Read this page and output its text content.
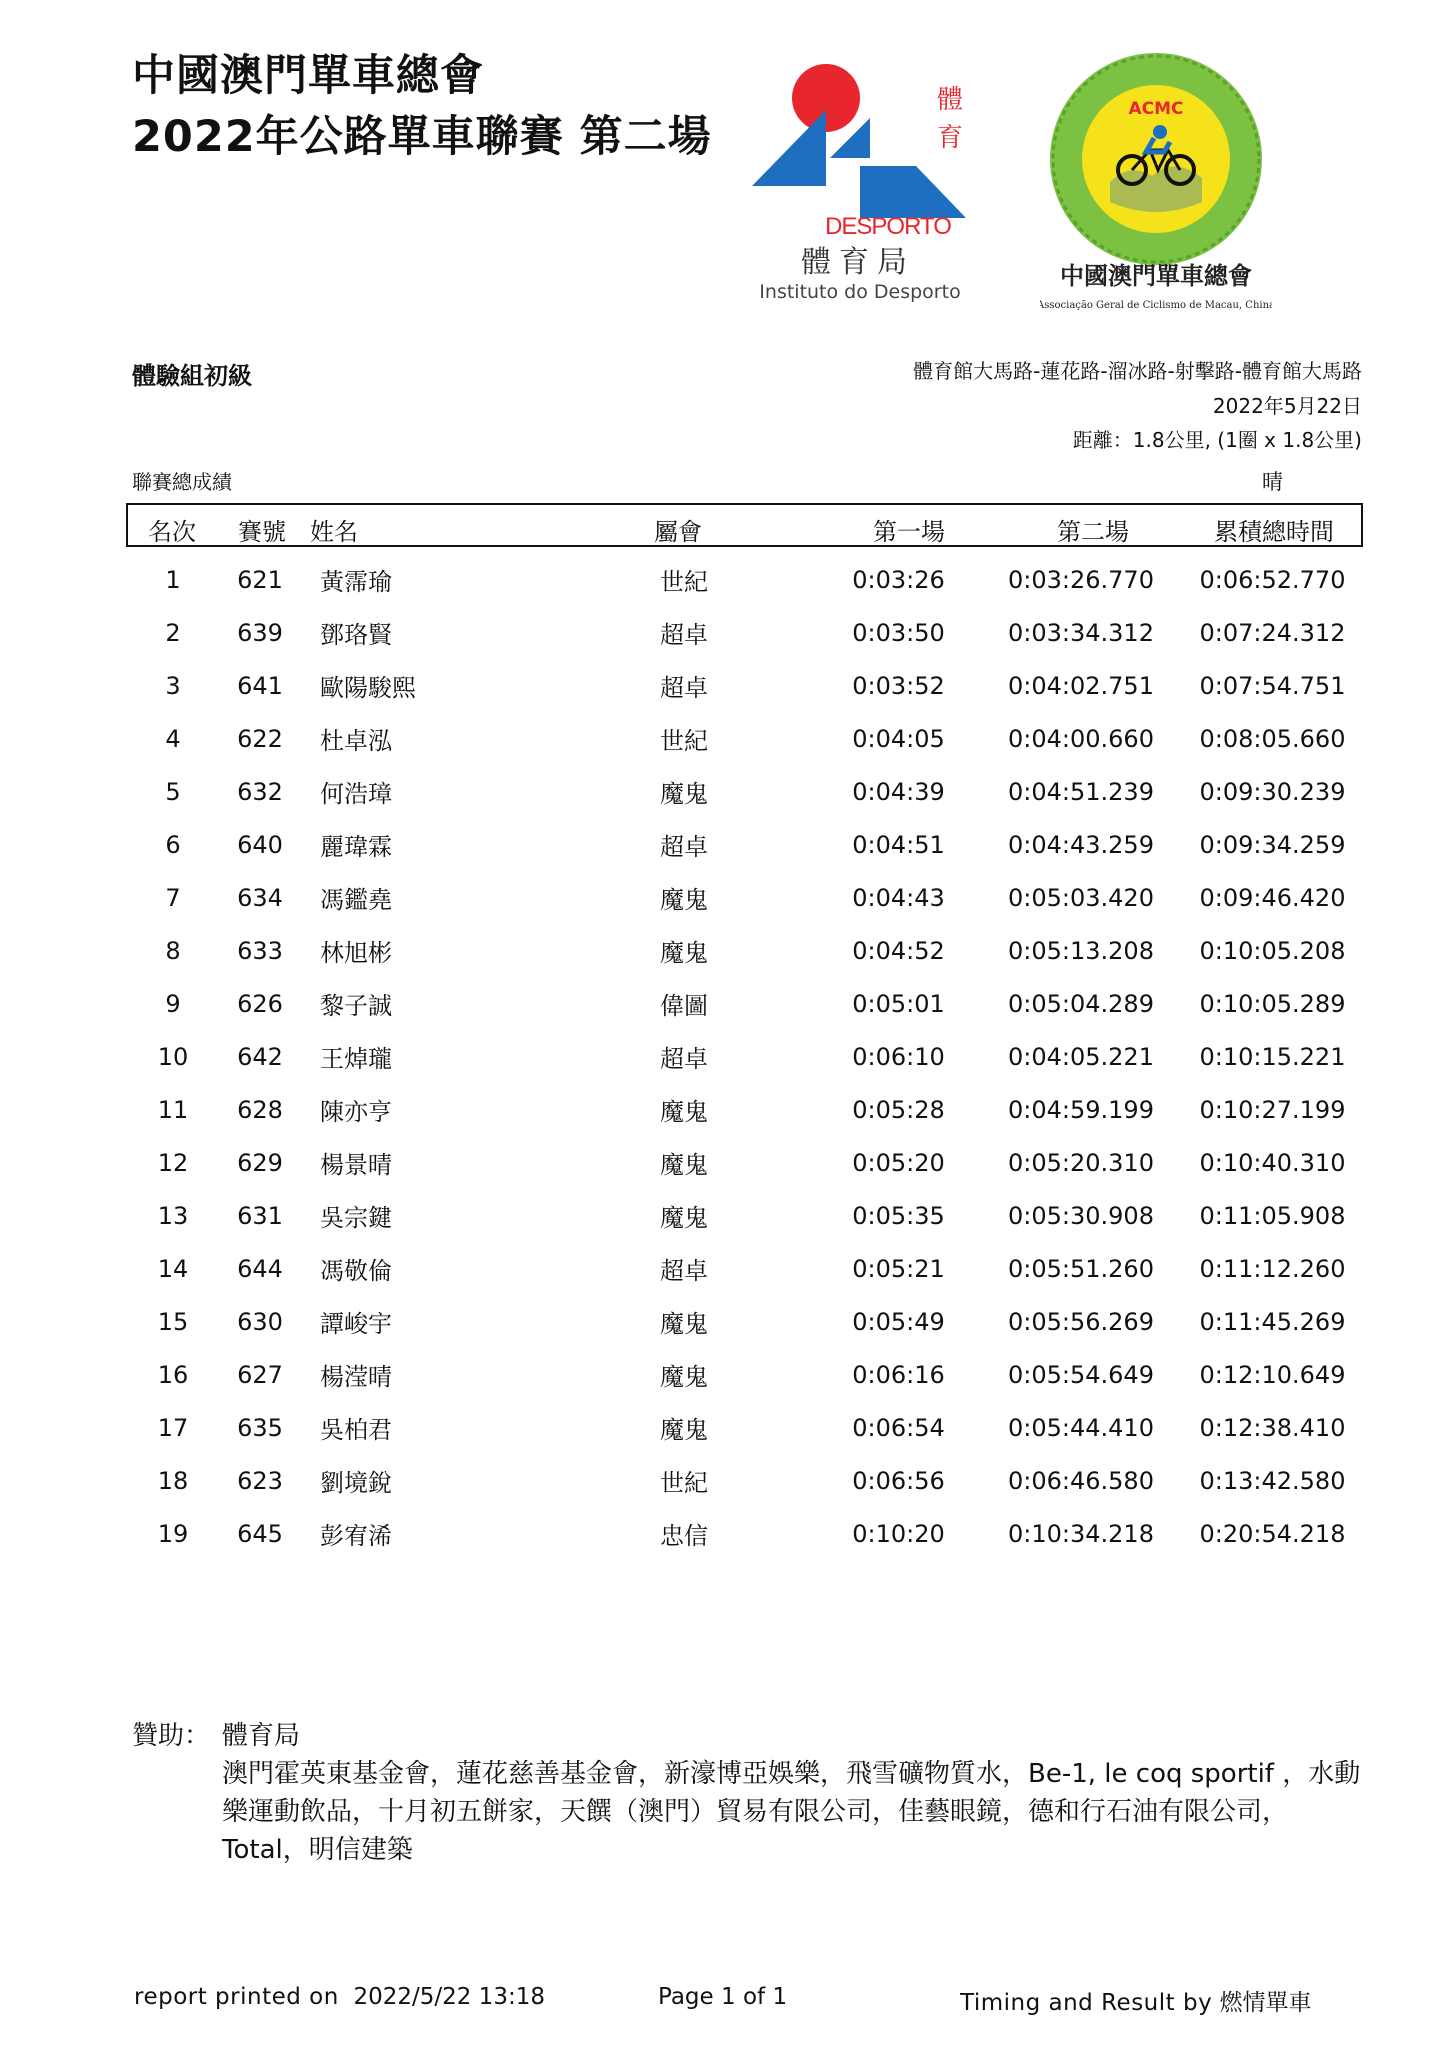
中國澳門單車總會
2022年公路單車聯賽 第二場
體
育
DESPORTO
體育局
Instituto do Desporto
ACMC
中國澳門單車總會
Associação Geral de Ciclismo de Macau, China
體驗組初級	體育館大馬路-蓮花路-溜冰路-射擊路-體育館大馬路
2022年5月22日
距離：1.8公里, (1圈 x 1.8公里)
聯賽總成績	晴
名次 賽號 姓名	屬會	第一場	第二場	累積總時間
1	621	黃霈瑜	世紀	0:03:26	0:03:26.770	0:06:52.770
2	639	鄧珞賢	超卓	0:03:50	0:03:34.312	0:07:24.312
3	641	歐陽駿熙	超卓	0:03:52	0:04:02.751	0:07:54.751
4	622	杜卓泓	世紀	0:04:05	0:04:00.660	0:08:05.660
5	632	何浩璋	魔鬼	0:04:39	0:04:51.239	0:09:30.239
6	640	麗瑋霖	超卓	0:04:51	0:04:43.259	0:09:34.259
7	634	馮鑑堯	魔鬼	0:04:43	0:05:03.420	0:09:46.420
8	633	林旭彬	魔鬼	0:04:52	0:05:13.208	0:10:05.208
9	626	黎子誠	偉圖	0:05:01	0:05:04.289	0:10:05.289
10	642	王焯瓏	超卓	0:06:10	0:04:05.221	0:10:15.221
11	628	陳亦亨	魔鬼	0:05:28	0:04:59.199	0:10:27.199
12	629	楊景晴	魔鬼	0:05:20	0:05:20.310	0:10:40.310
13	631	吳宗鍵	魔鬼	0:05:35	0:05:30.908	0:11:05.908
14	644	馮敬倫	超卓	0:05:21	0:05:51.260	0:11:12.260
15	630	譚峻宇	魔鬼	0:05:49	0:05:56.269	0:11:45.269
16	627	楊滢晴	魔鬼	0:06:16	0:05:54.649	0:12:10.649
17	635	吳柏君	魔鬼	0:06:54	0:05:44.410	0:12:38.410
18	623	劉境銳	世紀	0:06:56	0:06:46.580	0:13:42.580
19	645	彭宥浠	忠信	0:10:20	0:10:34.218	0:20:54.218
贊助： 體育局
澳門霍英東基金會，蓮花慈善基金會，新濠博亞娛樂，飛雪礦物質水，Be-1, le coq sportif ，水動樂運動飲品，十月初五餅家，天饌（澳門）貿易有限公司，佳藝眼鏡，德和行石油有限公司，Total，明信建築
report printed on 2022/5/22 13:18	Page 1 of 1	Timing and Result by 燃情單車
